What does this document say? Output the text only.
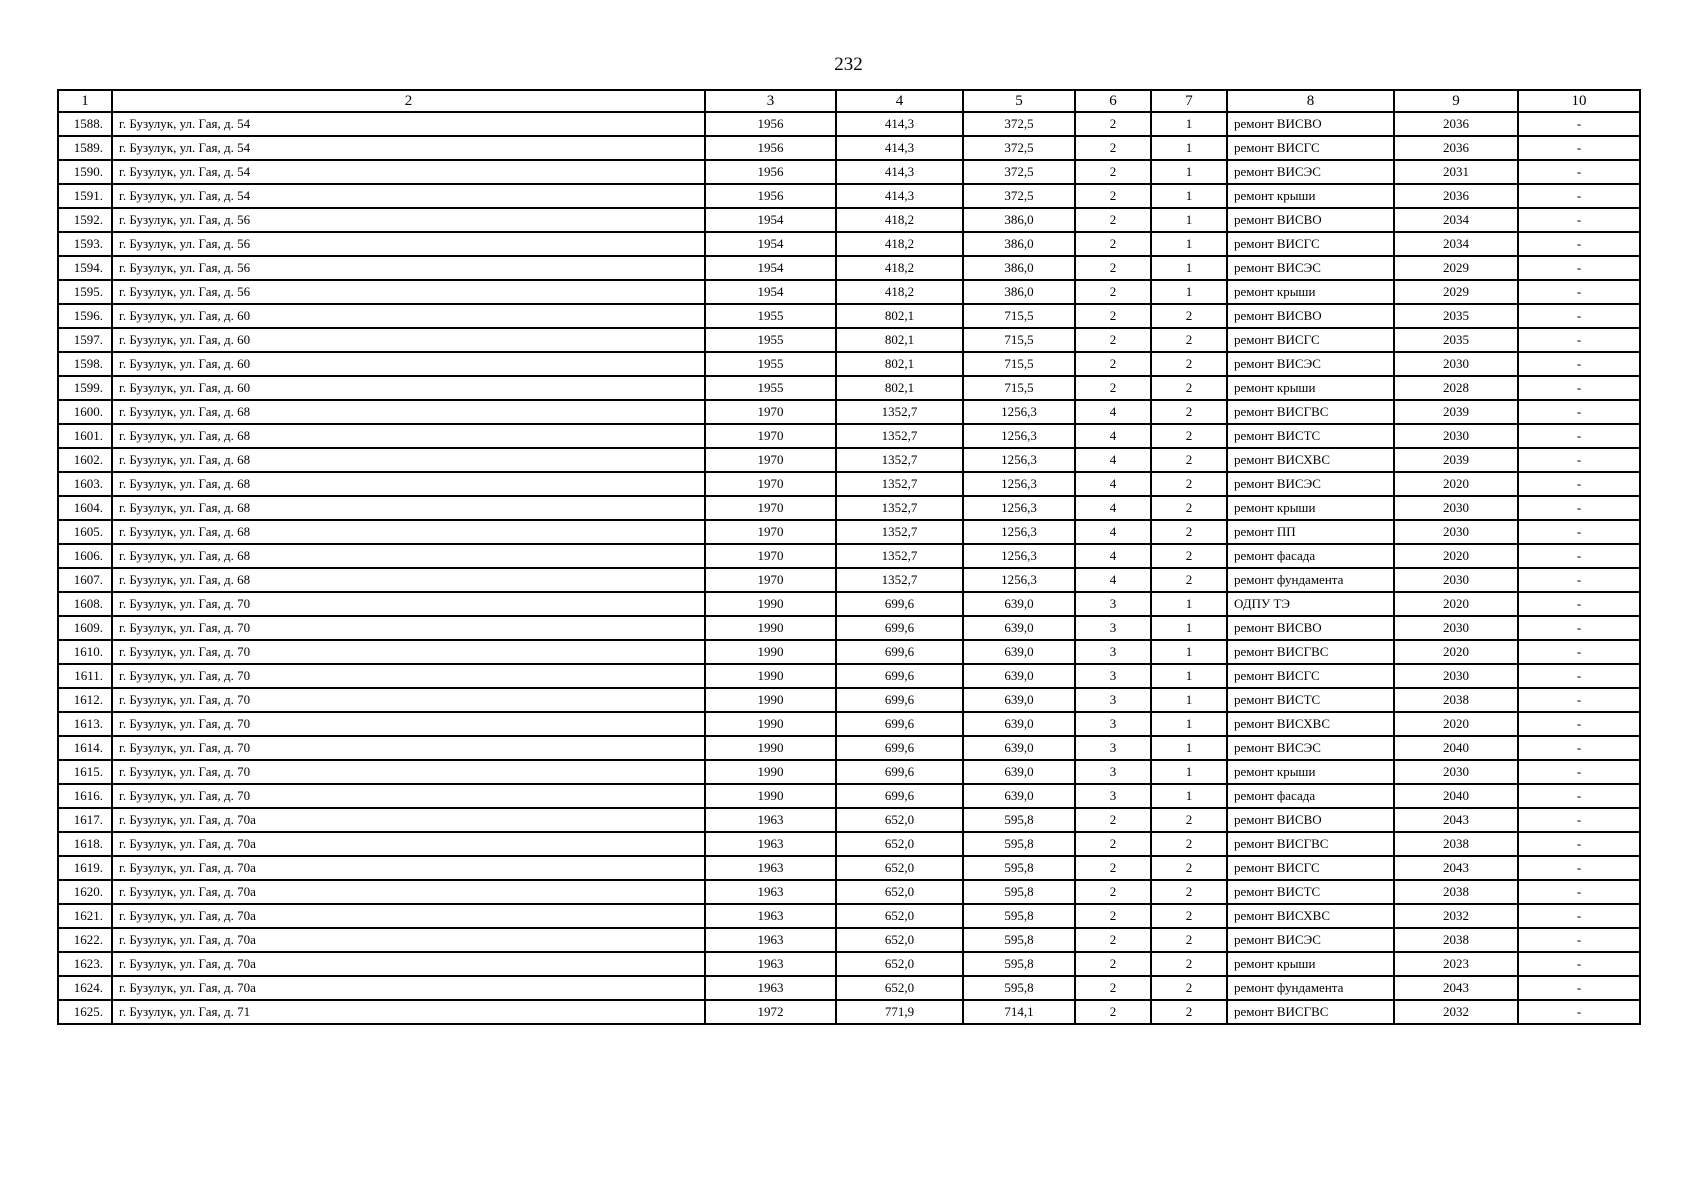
232
1	2	3	4	5	6	7	8	9	10
1588.	г. Бузулук, ул. Гая, д. 54	1956	414,3	372,5	2	1	ремонт ВИСВО	2036	-
1589.	г. Бузулук, ул. Гая, д. 54	1956	414,3	372,5	2	1	ремонт ВИСГС	2036	-
1590.	г. Бузулук, ул. Гая, д. 54	1956	414,3	372,5	2	1	ремонт ВИСЭС	2031	-
1591.	г. Бузулук, ул. Гая, д. 54	1956	414,3	372,5	2	1	ремонт крыши	2036	-
1592.	г. Бузулук, ул. Гая, д. 56	1954	418,2	386,0	2	1	ремонт ВИСВО	2034	-
1593.	г. Бузулук, ул. Гая, д. 56	1954	418,2	386,0	2	1	ремонт ВИСГС	2034	-
1594.	г. Бузулук, ул. Гая, д. 56	1954	418,2	386,0	2	1	ремонт ВИСЭС	2029	-
1595.	г. Бузулук, ул. Гая, д. 56	1954	418,2	386,0	2	1	ремонт крыши	2029	-
1596.	г. Бузулук, ул. Гая, д. 60	1955	802,1	715,5	2	2	ремонт ВИСВО	2035	-
1597.	г. Бузулук, ул. Гая, д. 60	1955	802,1	715,5	2	2	ремонт ВИСГС	2035	-
1598.	г. Бузулук, ул. Гая, д. 60	1955	802,1	715,5	2	2	ремонт ВИСЭС	2030	-
1599.	г. Бузулук, ул. Гая, д. 60	1955	802,1	715,5	2	2	ремонт крыши	2028	-
1600.	г. Бузулук, ул. Гая, д. 68	1970	1352,7	1256,3	4	2	ремонт ВИСГВС	2039	-
1601.	г. Бузулук, ул. Гая, д. 68	1970	1352,7	1256,3	4	2	ремонт ВИСТС	2030	-
1602.	г. Бузулук, ул. Гая, д. 68	1970	1352,7	1256,3	4	2	ремонт ВИСХВС	2039	-
1603.	г. Бузулук, ул. Гая, д. 68	1970	1352,7	1256,3	4	2	ремонт ВИСЭС	2020	-
1604.	г. Бузулук, ул. Гая, д. 68	1970	1352,7	1256,3	4	2	ремонт крыши	2030	-
1605.	г. Бузулук, ул. Гая, д. 68	1970	1352,7	1256,3	4	2	ремонт ПП	2030	-
1606.	г. Бузулук, ул. Гая, д. 68	1970	1352,7	1256,3	4	2	ремонт фасада	2020	-
1607.	г. Бузулук, ул. Гая, д. 68	1970	1352,7	1256,3	4	2	ремонт фундамента	2030	-
1608.	г. Бузулук, ул. Гая, д. 70	1990	699,6	639,0	3	1	ОДПУ ТЭ	2020	-
1609.	г. Бузулук, ул. Гая, д. 70	1990	699,6	639,0	3	1	ремонт ВИСВО	2030	-
1610.	г. Бузулук, ул. Гая, д. 70	1990	699,6	639,0	3	1	ремонт ВИСГВС	2020	-
1611.	г. Бузулук, ул. Гая, д. 70	1990	699,6	639,0	3	1	ремонт ВИСГС	2030	-
1612.	г. Бузулук, ул. Гая, д. 70	1990	699,6	639,0	3	1	ремонт ВИСТС	2038	-
1613.	г. Бузулук, ул. Гая, д. 70	1990	699,6	639,0	3	1	ремонт ВИСХВС	2020	-
1614.	г. Бузулук, ул. Гая, д. 70	1990	699,6	639,0	3	1	ремонт ВИСЭС	2040	-
1615.	г. Бузулук, ул. Гая, д. 70	1990	699,6	639,0	3	1	ремонт крыши	2030	-
1616.	г. Бузулук, ул. Гая, д. 70	1990	699,6	639,0	3	1	ремонт фасада	2040	-
1617.	г. Бузулук, ул. Гая, д. 70а	1963	652,0	595,8	2	2	ремонт ВИСВО	2043	-
1618.	г. Бузулук, ул. Гая, д. 70а	1963	652,0	595,8	2	2	ремонт ВИСГВС	2038	-
1619.	г. Бузулук, ул. Гая, д. 70а	1963	652,0	595,8	2	2	ремонт ВИСГС	2043	-
1620.	г. Бузулук, ул. Гая, д. 70а	1963	652,0	595,8	2	2	ремонт ВИСТС	2038	-
1621.	г. Бузулук, ул. Гая, д. 70а	1963	652,0	595,8	2	2	ремонт ВИСХВС	2032	-
1622.	г. Бузулук, ул. Гая, д. 70а	1963	652,0	595,8	2	2	ремонт ВИСЭС	2038	-
1623.	г. Бузулук, ул. Гая, д. 70а	1963	652,0	595,8	2	2	ремонт крыши	2023	-
1624.	г. Бузулук, ул. Гая, д. 70а	1963	652,0	595,8	2	2	ремонт фундамента	2043	-
1625.	г. Бузулук, ул. Гая, д. 71	1972	771,9	714,1	2	2	ремонт ВИСГВС	2032	-
